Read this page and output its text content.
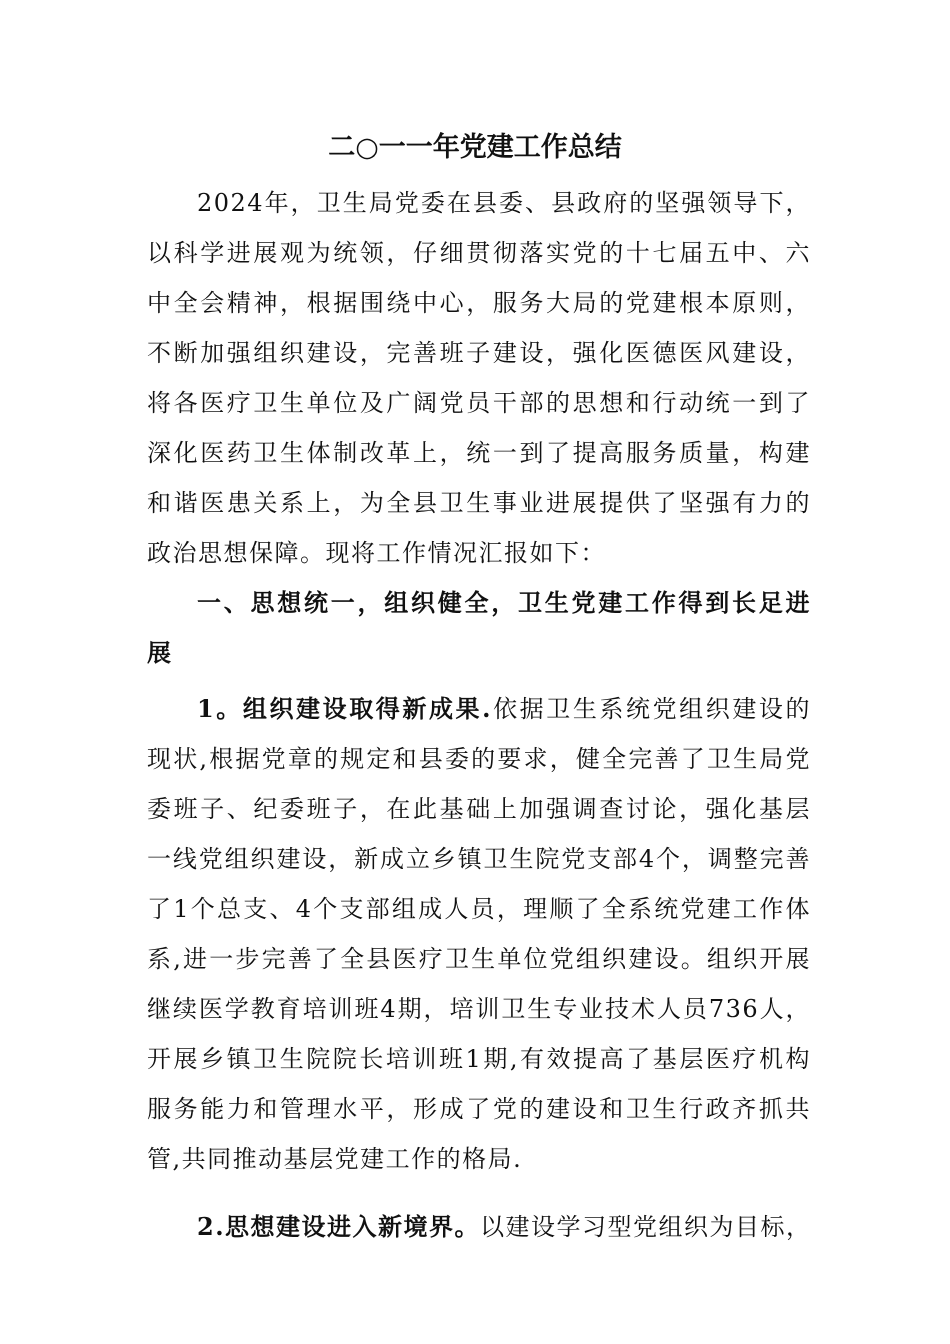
二○一一年党建工作总结
2024年，卫生局党委在县委、县政府的坚强领导下，
以科学进展观为统领，仔细贯彻落实党的十七届五中、六
中全会精神，根据围绕中心，服务大局的党建根本原则，
不断加强组织建设，完善班子建设，强化医德医风建设，
将各医疗卫生单位及广阔党员干部的思想和行动统一到了
深化医药卫生体制改革上，统一到了提高服务质量，构建
和谐医患关系上，为全县卫生事业进展提供了坚强有力的
政治思想保障。现将工作情况汇报如下：
一、思想统一，组织健全，卫生党建工作得到长足进
展
1。组织建设取得新成果.依据卫生系统党组织建设的
现状,根据党章的规定和县委的要求，健全完善了卫生局党
委班子、纪委班子，在此基础上加强调查讨论，强化基层
一线党组织建设，新成立乡镇卫生院党支部4个，调整完善
了1个总支、4个支部组成人员，理顺了全系统党建工作体
系,进一步完善了全县医疗卫生单位党组织建设。组织开展
继续医学教育培训班4期，培训卫生专业技术人员736人，
开展乡镇卫生院院长培训班1期,有效提高了基层医疗机构
服务能力和管理水平，形成了党的建设和卫生行政齐抓共
管,共同推动基层党建工作的格局.
2.思想建设进入新境界。以建设学习型党组织为目标，
